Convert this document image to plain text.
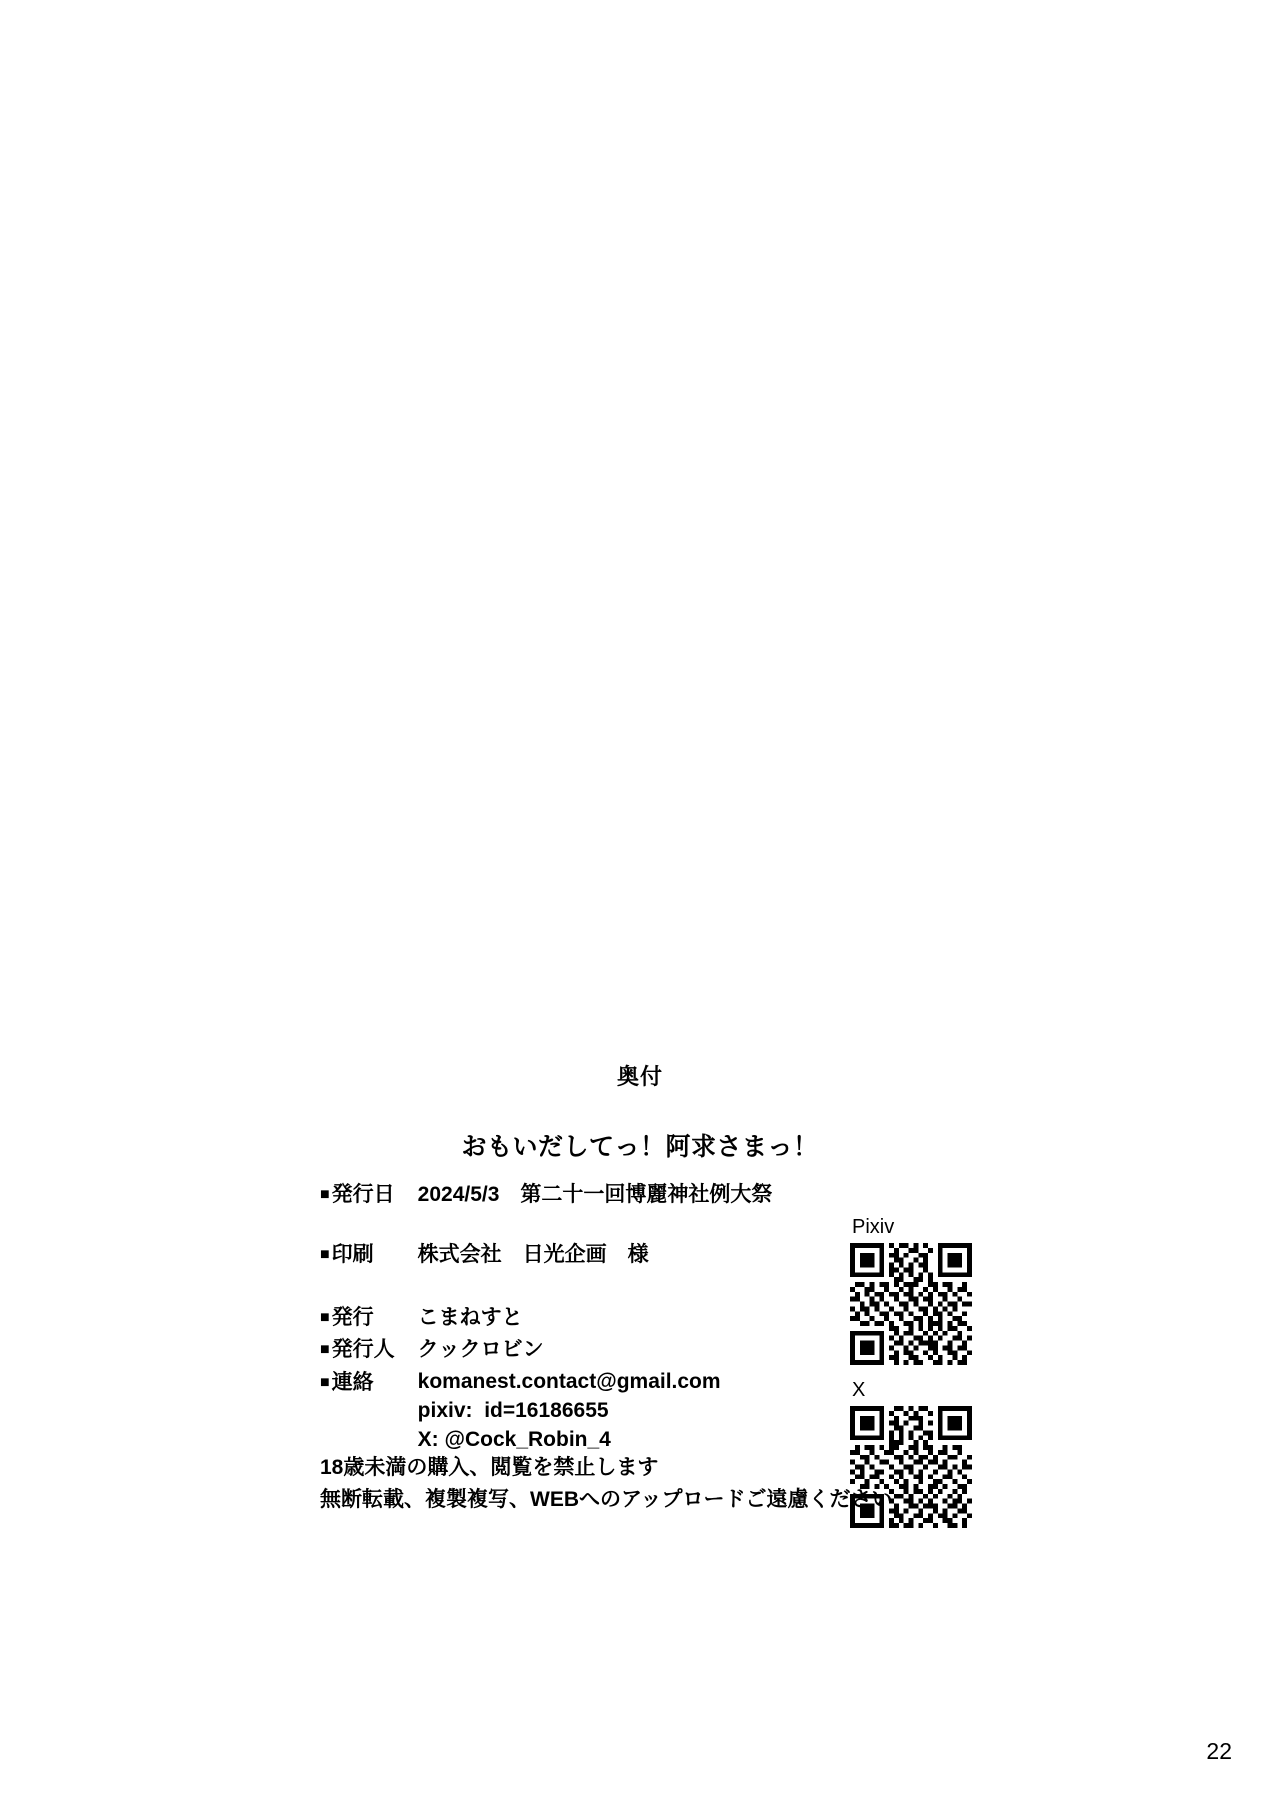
奥付
おもいだしてっ！阿求さまっ！
■ 発行日	2024/5/3　第二十一回博麗神社例大祭
■ 印刷	株式会社　日光企画　様
■ 発行	こまねすと
■ 発行人	クックロビン
■ 連絡	komanest.contact@gmail.com
pixiv:  id=16186655
X: @Cock_Robin_4
Pixiv
X
18歳未満の購入、閲覧を禁止します
無断転載、複製複写、WEBへのアップロードご遠慮ください
22
